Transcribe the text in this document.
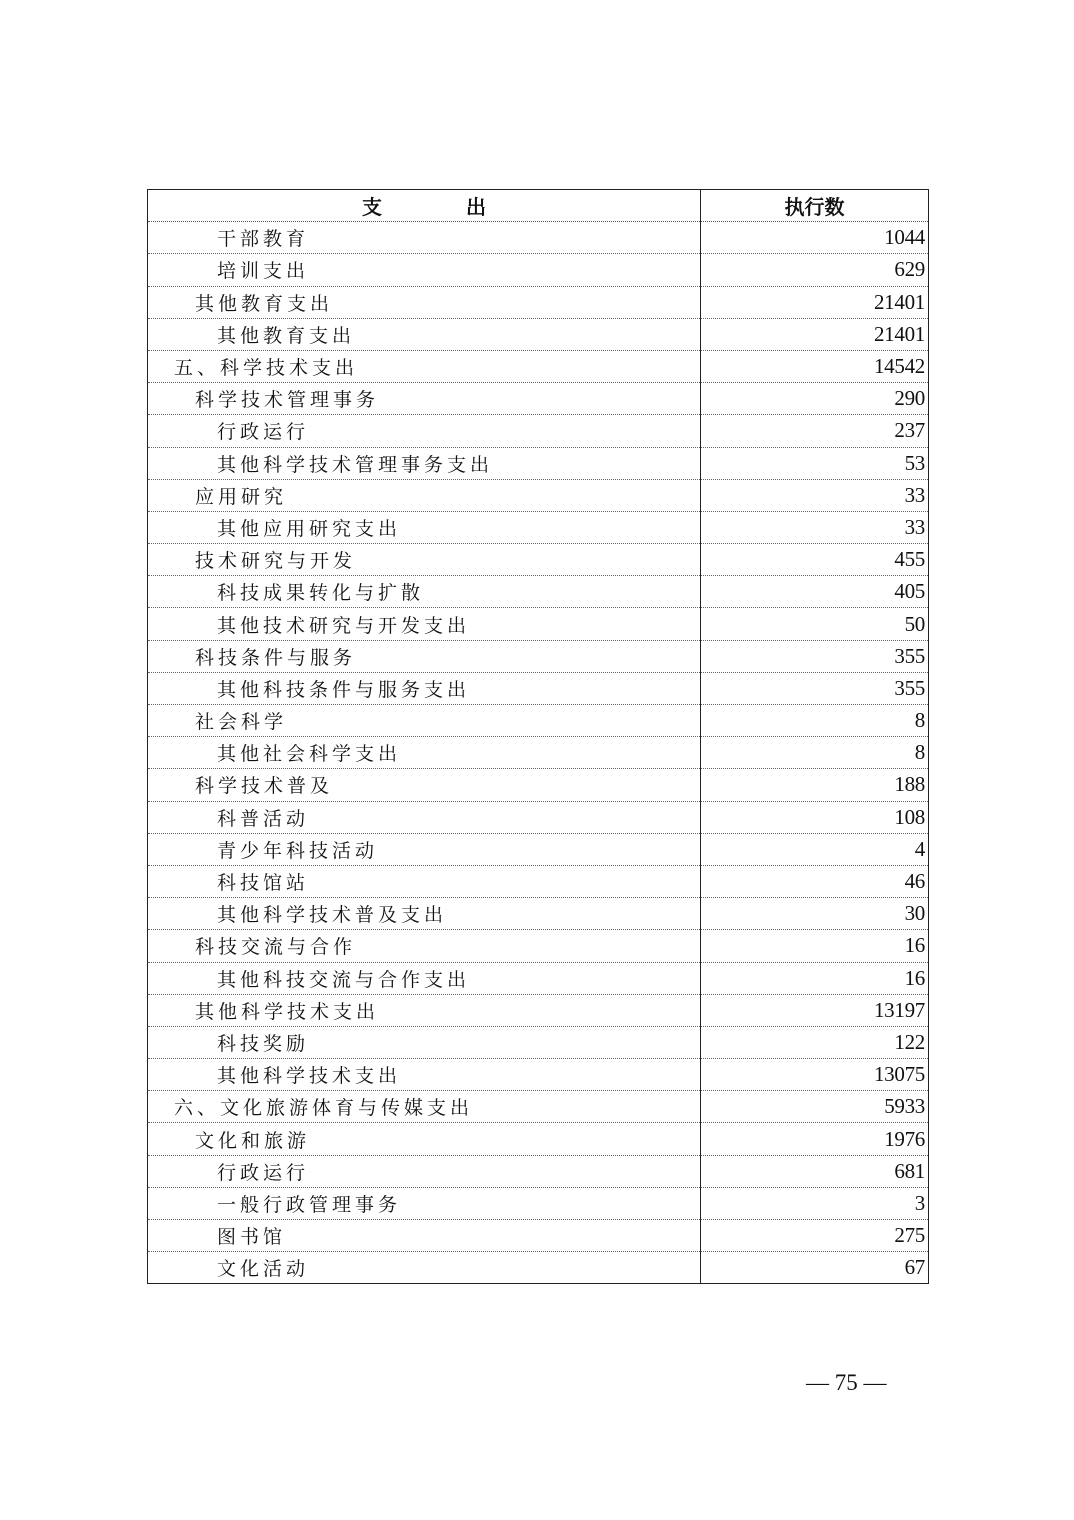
支 出	执行数
干部教育	1044
培训支出	629
其他教育支出	21401
其他教育支出	21401
五、科学技术支出	14542
科学技术管理事务	290
行政运行	237
其他科学技术管理事务支出	53
应用研究	33
其他应用研究支出	33
技术研究与开发	455
科技成果转化与扩散	405
其他技术研究与开发支出	50
科技条件与服务	355
其他科技条件与服务支出	355
社会科学	8
其他社会科学支出	8
科学技术普及	188
科普活动	108
青少年科技活动	4
科技馆站	46
其他科学技术普及支出	30
科技交流与合作	16
其他科技交流与合作支出	16
其他科学技术支出	13197
科技奖励	122
其他科学技术支出	13075
六、文化旅游体育与传媒支出	5933
文化和旅游	1976
行政运行	681
一般行政管理事务	3
图书馆	275
文化活动	67
— 75 —
